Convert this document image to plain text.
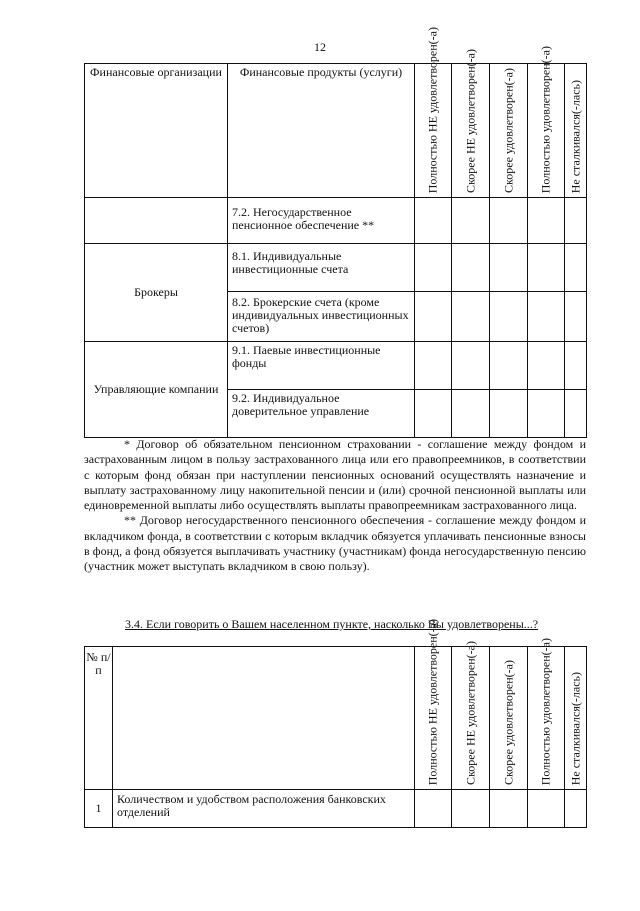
12
Финансовые организации	Финансовые продукты (услуги)	Полностью НЕ удовлетворен(-а)	Скорее НЕ удовлетворен(-а)	Скорее удовлетворен(-а)	Полностью удовлетворен(-а)	Не сталкивался(-лась)

	7.2. Негосударственное пенсионное обеспечение **					
Брокеры	8.1. Индивидуальные инвестиционные счета					
	8.2. Брокерские счета (кроме индивидуальных инвестиционных счетов)					
Управляющие компании	9.1. Паевые инвестиционные фонды					
	9.2. Индивидуальное доверительное управление					

* Договор об обязательном пенсионном страховании - соглашение между фондом и застрахованным лицом в пользу застрахованного лица или его правопреемников, в соответствии с которым фонд обязан при наступлении пенсионных оснований осуществлять назначение и выплату застрахованному лицу накопительной пенсии и (или) срочной пенсионной выплаты или единовременной выплаты либо осуществлять выплаты правопреемникам застрахованного лица.

** Договор негосударственного пенсионного обеспечения - соглашение между фондом и вкладчиком фонда, в соответствии с которым вкладчик обязуется уплачивать пенсионные взносы в фонд, а фонд обязуется выплачивать участнику (участникам) фонда негосударственную пенсию (участник может выступать вкладчиком в свою пользу).

3.4. Если говорить о Вашем населенном пункте, насколько Вы удовлетворены...?
№ п/п		Полностью НЕ удовлетворен(-а)	Скорее НЕ удовлетворен(-а)	Скорее удовлетворен(-а)	Полностью удовлетворен(-а)	Не сталкивался(-лась)

1	Количеством и удобством расположения банковских отделений					
